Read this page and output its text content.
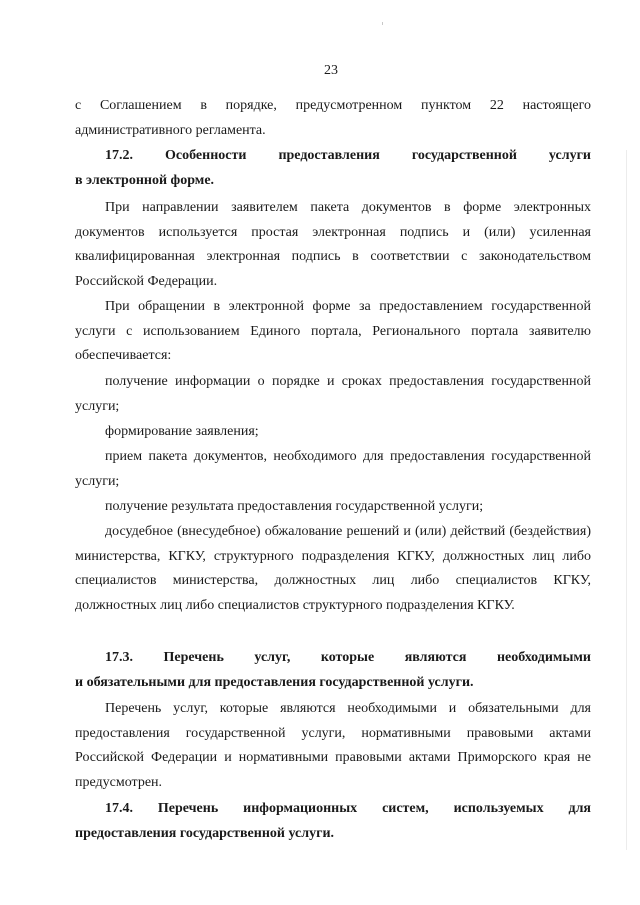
23
с Соглашением в порядке, предусмотренном пунктом 22 настоящего административного регламента.
17.2. Особенности предоставления государственной услуги
в электронной форме.
При направлении заявителем пакета документов в форме электронных документов используется простая электронная подпись и (или) усиленная квалифицированная электронная подпись в соответствии с законодательством Российской Федерации.
При обращении в электронной форме за предоставлением государственной услуги с использованием Единого портала, Регионального портала заявителю обеспечивается:
получение информации о порядке и сроках предоставления государственной услуги;
формирование заявления;
прием пакета документов, необходимого для предоставления государственной услуги;
получение результата предоставления государственной услуги;
досудебное (внесудебное) обжалование решений и (или) действий (бездействия) министерства, КГКУ, структурного подразделения КГКУ, должностных лиц либо специалистов министерства, должностных лиц либо специалистов КГКУ, должностных лиц либо специалистов структурного подразделения КГКУ.
17.3. Перечень услуг, которые являются необходимыми
и обязательными для предоставления государственной услуги.
Перечень услуг, которые являются необходимыми и обязательными для предоставления государственной услуги, нормативными правовыми актами Российской Федерации и нормативными правовыми актами Приморского края не предусмотрен.
17.4. Перечень информационных систем, используемых для
предоставления государственной услуги.
